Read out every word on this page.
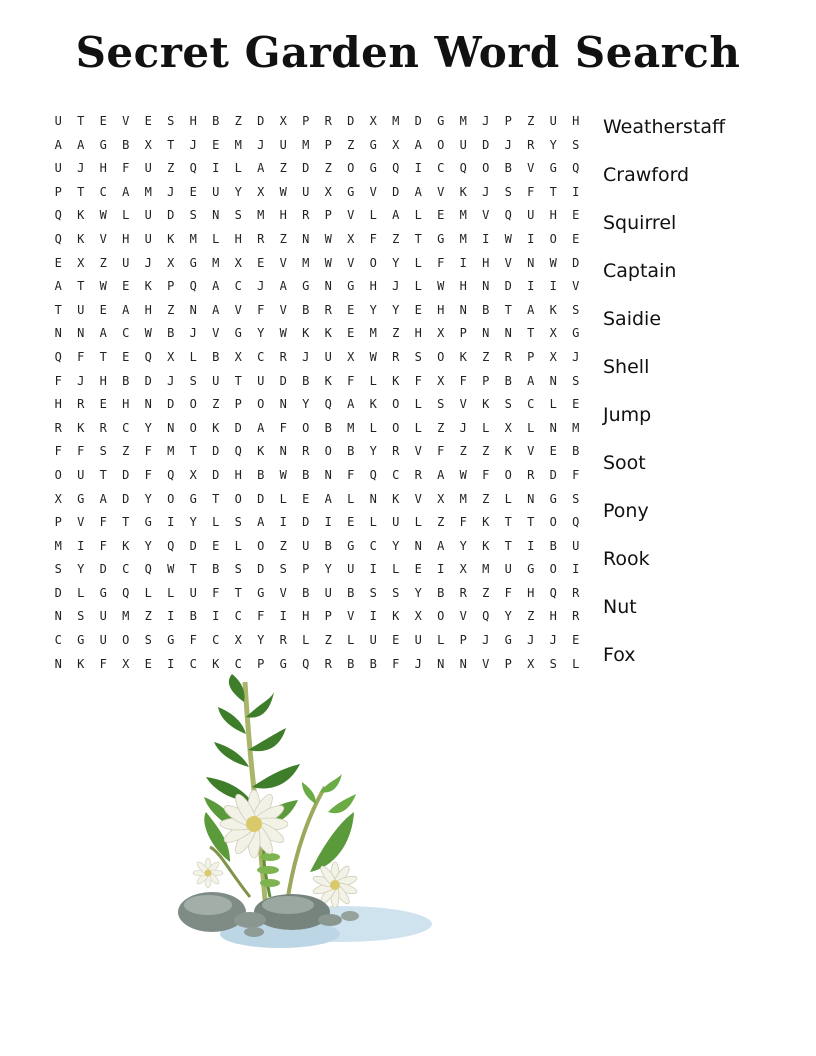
Secret Garden Word Search
U	T	E	V	E	S	H	B	Z	D	X	P	R	D	X	M	D	G	M	J	P	Z	U	H
A	A	G	B	X	T	J	E	M	J	U	M	P	Z	G	X	A	O	U	D	J	R	Y	S
U	J	H	F	U	Z	Q	I	L	A	Z	D	Z	O	G	Q	I	C	Q	O	B	V	G	Q
P	T	C	A	M	J	E	U	Y	X	W	U	X	G	V	D	A	V	K	J	S	F	T	I
Q	K	W	L	U	D	S	N	S	M	H	R	P	V	L	A	L	E	M	V	Q	U	H	E
Q	K	V	H	U	K	M	L	H	R	Z	N	W	X	F	Z	T	G	M	I	W	I	O	E
E	X	Z	U	J	X	G	M	X	E	V	M	W	V	O	Y	L	F	I	H	V	N	W	D
A	T	W	E	K	P	Q	A	C	J	A	G	N	G	H	J	L	W	H	N	D	I	I	V
T	U	E	A	H	Z	N	A	V	F	V	B	R	E	Y	Y	E	H	N	B	T	A	K	S
N	N	A	C	W	B	J	V	G	Y	W	K	K	E	M	Z	H	X	P	N	N	T	X	G
Q	F	T	E	Q	X	L	B	X	C	R	J	U	X	W	R	S	O	K	Z	R	P	X	J
F	J	H	B	D	J	S	U	T	U	D	B	K	F	L	K	F	X	F	P	B	A	N	S
H	R	E	H	N	D	O	Z	P	O	N	Y	Q	A	K	O	L	S	V	K	S	C	L	E
R	K	R	C	Y	N	O	K	D	A	F	O	B	M	L	O	L	Z	J	L	X	L	N	M
F	F	S	Z	F	M	T	D	Q	K	N	R	O	B	Y	R	V	F	Z	Z	K	V	E	B
O	U	T	D	F	Q	X	D	H	B	W	B	N	F	Q	C	R	A	W	F	O	R	D	F
X	G	A	D	Y	O	G	T	O	D	L	E	A	L	N	K	V	X	M	Z	L	N	G	S
P	V	F	T	G	I	Y	L	S	A	I	D	I	E	L	U	L	Z	F	K	T	T	O	Q
M	I	F	K	Y	Q	D	E	L	O	Z	U	B	G	C	Y	N	A	Y	K	T	I	B	U
S	Y	D	C	Q	W	T	B	S	D	S	P	Y	U	I	L	E	I	X	M	U	G	O	I
D	L	G	Q	L	L	U	F	T	G	V	B	U	B	S	S	Y	B	R	Z	F	H	Q	R
N	S	U	M	Z	I	B	I	C	F	I	H	P	V	I	K	X	O	V	Q	Y	Z	H	R
C	G	U	O	S	G	F	C	X	Y	R	L	Z	L	U	E	U	L	P	J	G	J	J	E
N	K	F	X	E	I	C	K	C	P	G	Q	R	B	B	F	J	N	N	V	P	X	S	L
Weatherstaff
Crawford
Squirrel
Captain
Saidie
Shell
Jump
Soot
Pony
Rook
Nut
Fox
